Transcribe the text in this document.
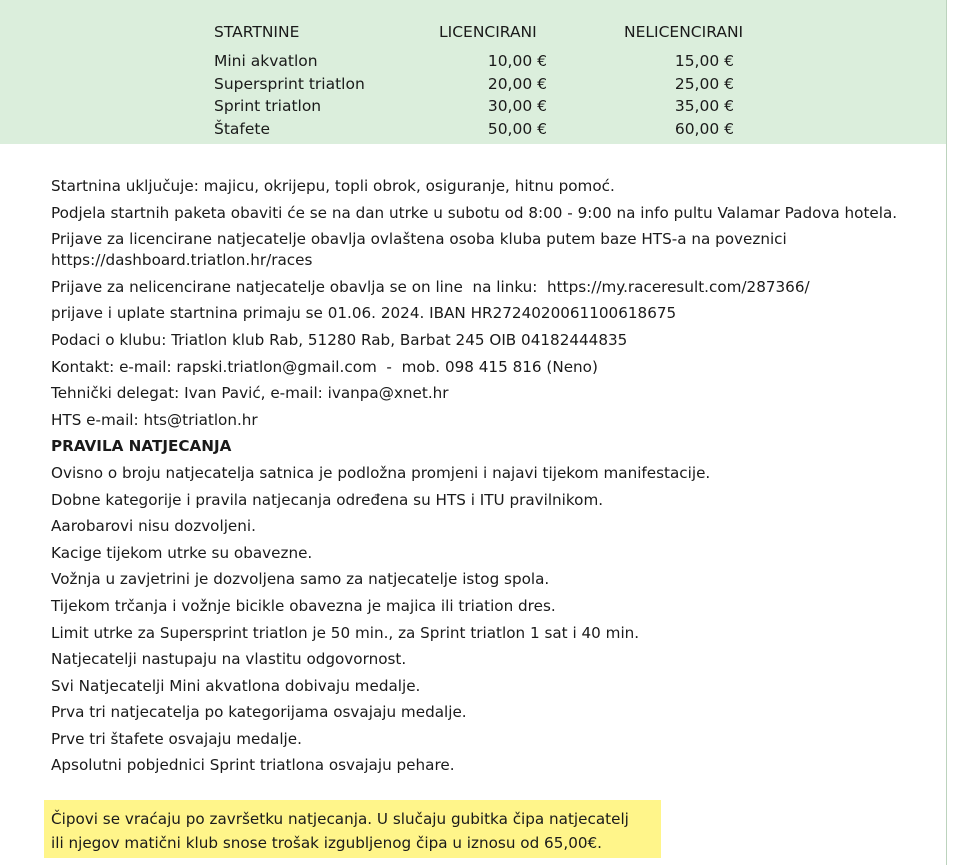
STARTNINE	LICENCIRANI	NELICENCIRANI
Mini akvatlon	10,00 €	15,00 €
Supersprint triatlon	20,00 €	25,00 €
Sprint triatlon	30,00 €	35,00 €
Štafete	50,00 €	60,00 €

Startnina uključuje: majicu, okrijepu, topli obrok, osiguranje, hitnu pomoć.

Podjela startnih paketa obaviti će se na dan utrke u subotu od 8:00 - 9:00 na info pultu Valamar Padova hotela.

Prijave za licencirane natjecatelje obavlja ovlaštena osoba kluba putem baze HTS-a na poveznici

https://dashboard.triatlon.hr/races

Prijave za nelicencirane natjecatelje obavlja se on line  na linku:  https://my.raceresult.com/287366/

prijave i uplate startnina primaju se 01.06. 2024. IBAN HR2724020061100618675

Podaci o klubu: Triatlon klub Rab, 51280 Rab, Barbat 245 OIB 04182444835

Kontakt: e-mail: rapski.triatlon@gmail.com  -  mob. 098 415 816 (Neno)

Tehnički delegat: Ivan Pavić, e-mail: ivanpa@xnet.hr

HTS e-mail: hts@triatlon.hr

PRAVILA NATJECANJA

Ovisno o broju natjecatelja satnica je podložna promjeni i najavi tijekom manifestacije.

Dobne kategorije i pravila natjecanja određena su HTS i ITU pravilnikom.

Aarobarovi nisu dozvoljeni.

Kacige tijekom utrke su obavezne.

Vožnja u zavjetrini je dozvoljena samo za natjecatelje istog spola.

Tijekom trčanja i vožnje bicikle obavezna je majica ili triation dres.

Limit utrke za Supersprint triatlon je 50 min., za Sprint triatlon 1 sat i 40 min.

Natjecatelji nastupaju na vlastitu odgovornost.

Svi Natjecatelji Mini akvatlona dobivaju medalje.

Prva tri natjecatelja po kategorijama osvajaju medalje.

Prve tri štafete osvajaju medalje.

Apsolutni pobjednici Sprint triatlona osvajaju pehare.

Čipovi se vraćaju po završetku natjecanja. U slučaju gubitka čipa natjecatelj

ili njegov matični klub snose trošak izgubljenog čipa u iznosu od 65,00€.
